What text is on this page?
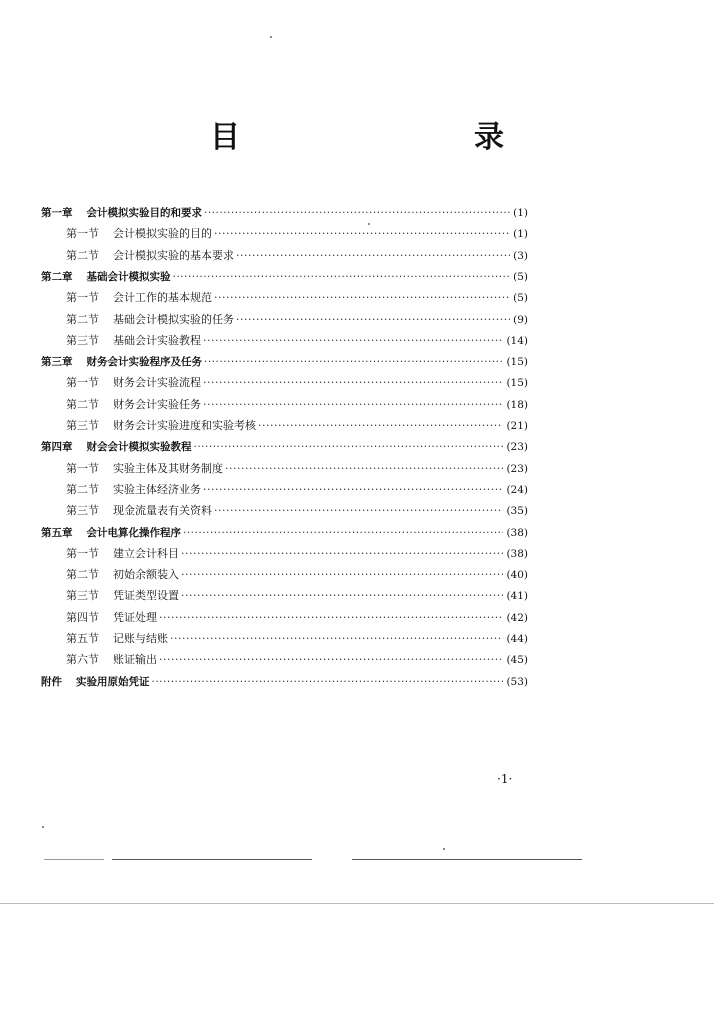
目　　录
第一章 会计模拟实验目的和要求 ·····	(1)
第一节 会计模拟实验的目的 ·····	(1)
第二节 会计模拟实验的基本要求 ·····	(3)
第二章 基础会计模拟实验 ·····	(5)
第一节 会计工作的基本规范 ·····	(5)
第二节 基础会计模拟实验的任务 ·····	(9)
第三节 基础会计实验教程 ·····	(14)
第三章 财务会计实验程序及任务 ·····	(15)
第一节 财务会计实验流程 ·····	(15)
第二节 财务会计实验任务 ·····	(18)
第三节 财务会计实验进度和实验考核 ·····	(21)
第四章 财会会计模拟实验教程 ·····	(23)
第一节 实验主体及其财务制度 ·····	(23)
第二节 实验主体经济业务 ·····	(24)
第三节 现金流量表有关资料 ·····	(35)
第五章 会计电算化操作程序 ·····	(38)
第一节 建立会计科目 ·····	(38)
第二节 初始余额装入 ·····	(40)
第三节 凭证类型设置 ·····	(41)
第四节 凭证处理 ·····	(42)
第五节 记账与结账 ·····	(44)
第六节 账证输出 ·····	(45)
附件 实验用原始凭证 ·····	(53)
·1·
